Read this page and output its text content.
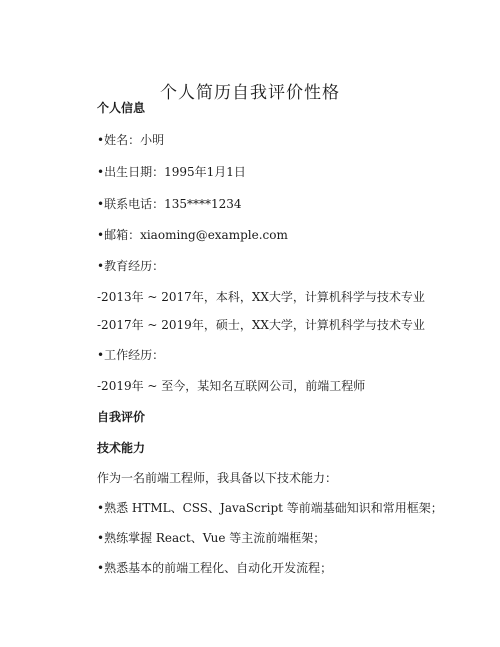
个人简历自我评价性格
个人信息
•姓名：小明
•出生日期：1995年1月1日
•联系电话：135****1234
•邮箱：xiaoming@example.com
•教育经历：
-2013年 ~ 2017年，本科，XX大学，计算机科学与技术专业
-2017年 ~ 2019年，硕士，XX大学，计算机科学与技术专业
•工作经历：
-2019年 ~ 至今，某知名互联网公司，前端工程师
自我评价
技术能力
作为一名前端工程师，我具备以下技术能力：
•熟悉 HTML、CSS、JavaScript 等前端基础知识和常用框架；
•熟练掌握 React、Vue 等主流前端框架；
•熟悉基本的前端工程化、自动化开发流程；
